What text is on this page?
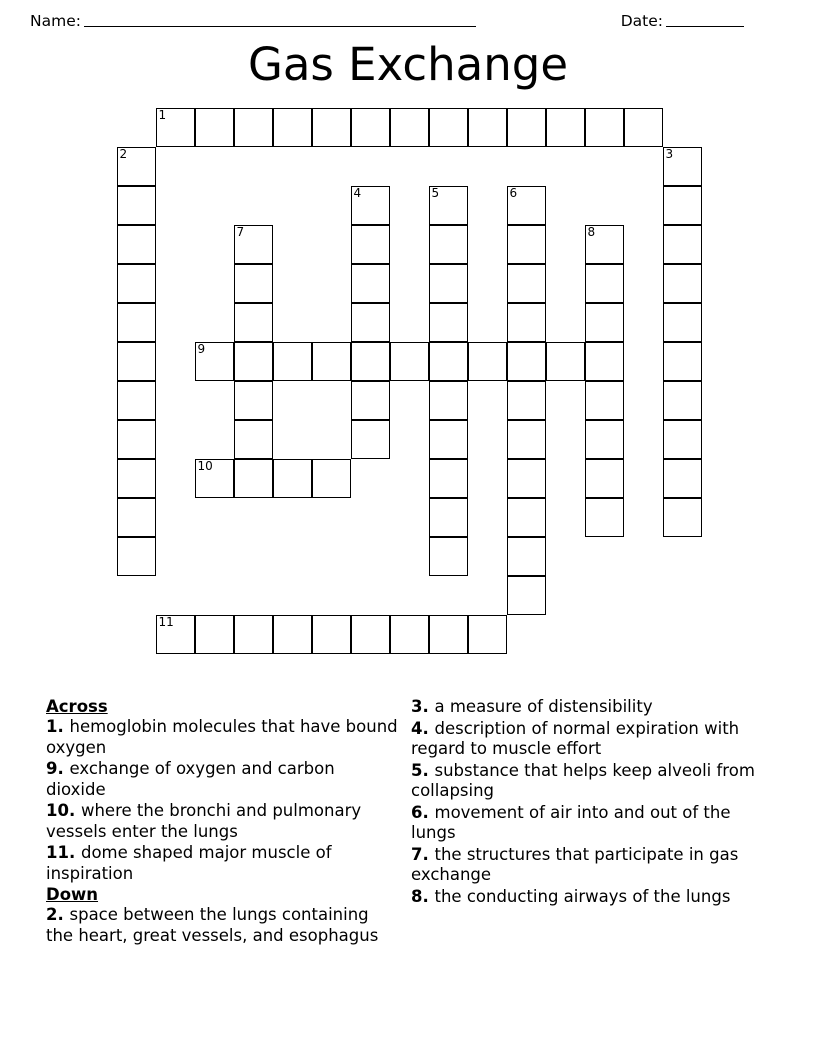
Name:	Date:
Gas Exchange
1
2	3
4	5	6
7	8
9
10
11
Across
1. hemoglobin molecules that have bound oxygen
9. exchange of oxygen and carbon dioxide
10. where the bronchi and pulmonary vessels enter the lungs
11. dome shaped major muscle of inspiration
Down
2. space between the lungs containing the heart, great vessels, and esophagus
3. a measure of distensibility
4. description of normal expiration with regard to muscle effort
5. substance that helps keep alveoli from collapsing
6. movement of air into and out of the lungs
7. the structures that participate in gas exchange
8. the conducting airways of the lungs
